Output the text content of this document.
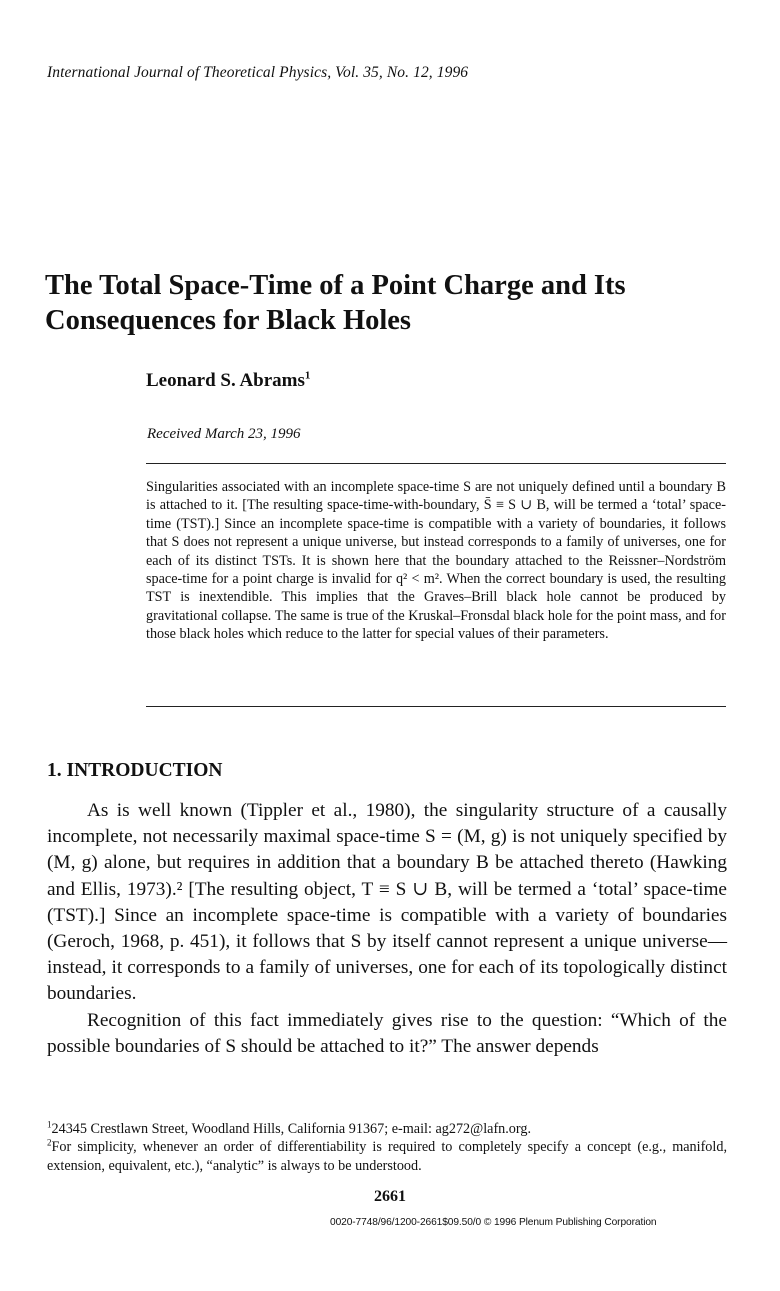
International Journal of Theoretical Physics, Vol. 35, No. 12, 1996
The Total Space-Time of a Point Charge and Its Consequences for Black Holes
Leonard S. Abrams$^1$
Received March 23, 1996

Singularities associated with an incomplete space-time S are not uniquely defined until a boundary B is attached to it. [The resulting space-time-with-boundary, S̄ ≡ S ∪ B, will be termed a ‘total’ space-time (TST).] Since an incomplete space-time is compatible with a variety of boundaries, it follows that S does not represent a unique universe, but instead corresponds to a family of universes, one for each of its distinct TSTs. It is shown here that the boundary attached to the Reissner–Nordström space-time for a point charge is invalid for q² < m². When the correct boundary is used, the resulting TST is inextendible. This implies that the Graves–Brill black hole cannot be produced by gravitational collapse. The same is true of the Kruskal–Fronsdal black hole for the point mass, and for those black holes which reduce to the latter for special values of their parameters.

1. INTRODUCTION

As is well known (Tippler et al., 1980), the singularity structure of a causally incomplete, not necessarily maximal space-time S = (M, g) is not uniquely specified by (M, g) alone, but requires in addition that a boundary B be attached thereto (Hawking and Ellis, 1973).² [The resulting object, T ≡ S ∪ B, will be termed a ‘total’ space-time (TST).] Since an incomplete space-time is compatible with a variety of boundaries (Geroch, 1968, p. 451), it follows that S by itself cannot represent a unique universe—instead, it corresponds to a family of universes, one for each of its topologically distinct boundaries.

Recognition of this fact immediately gives rise to the question: “Which of the possible boundaries of S should be attached to it?” The answer depends

$^1$24345 Crestlawn Street, Woodland Hills, California 91367; e-mail: ag272@lafn.org.

$^2$For simplicity, whenever an order of differentiability is required to completely specify a concept (e.g., manifold, extension, equivalent, etc.), “analytic” is always to be understood.

2661
0020-7748/96/1200-2661$09.50/0 © 1996 Plenum Publishing Corporation
